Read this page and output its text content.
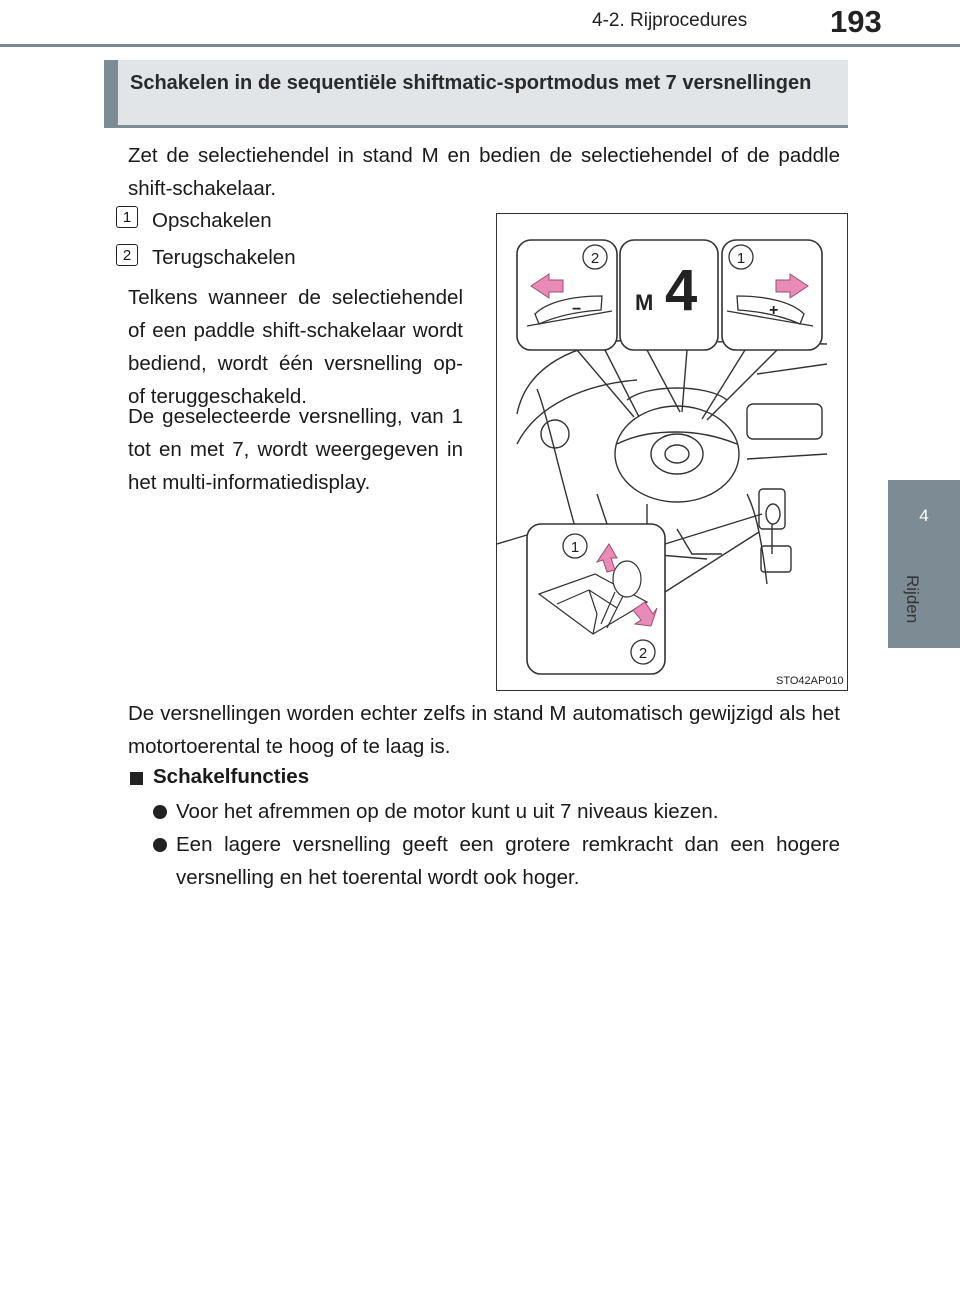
4-2. Rijprocedures	193
4
Rijden
Schakelen in de sequentiële shiftmatic-sportmodus met 7 versnellingen
Zet de selectiehendel in stand M en bedien de selectiehendel of de paddle shift-schakelaar.
1	Opschakelen
2	Terugschakelen
Telkens wanneer de selectiehendel of een paddle shift-schakelaar wordt bediend, wordt één versnelling op- of teruggeschakeld.
De geselecteerde versnelling, van 1 tot en met 7, wordt weergegeven in het multi-informatiedisplay.
−	+
M 4
2	1
1
2
STO42AP010
De versnellingen worden echter zelfs in stand M automatisch gewijzigd als het motortoerental te hoog of te laag is.
Schakelfuncties
Voor het afremmen op de motor kunt u uit 7 niveaus kiezen.
Een lagere versnelling geeft een grotere remkracht dan een hogere versnelling en het toerental wordt ook hoger.
